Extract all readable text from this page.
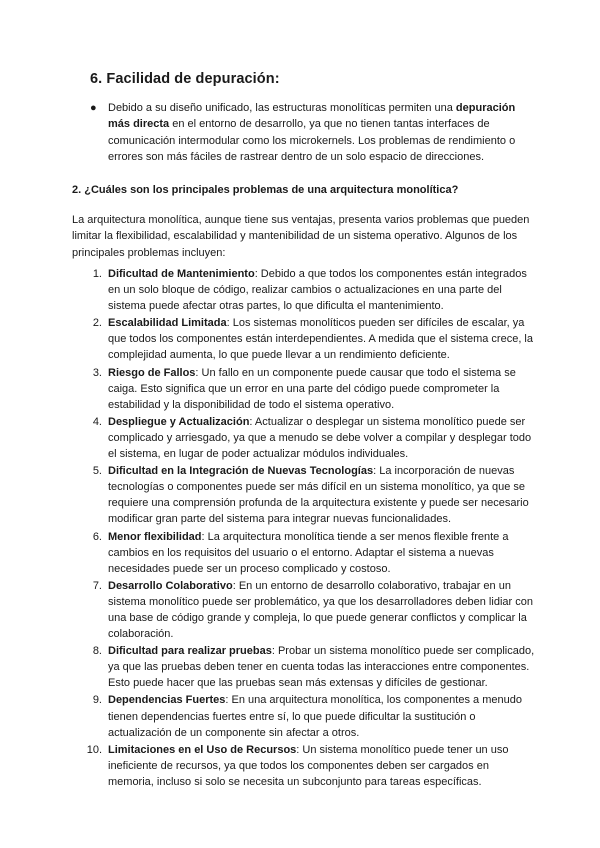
6. Facilidad de depuración:
● Debido a su diseño unificado, las estructuras monolíticas permiten una depuración más directa en el entorno de desarrollo, ya que no tienen tantas interfaces de comunicación intermodular como los microkernels. Los problemas de rendimiento o errores son más fáciles de rastrear dentro de un solo espacio de direcciones.
2. ¿Cuáles son los principales problemas de una arquitectura monolítica?

La arquitectura monolítica, aunque tiene sus ventajas, presenta varios problemas que pueden limitar la flexibilidad, escalabilidad y mantenibilidad de un sistema operativo. Algunos de los principales problemas incluyen:

1. Dificultad de Mantenimiento: Debido a que todos los componentes están integrados en un solo bloque de código, realizar cambios o actualizaciones en una parte del sistema puede afectar otras partes, lo que dificulta el mantenimiento.
2. Escalabilidad Limitada: Los sistemas monolíticos pueden ser difíciles de escalar, ya que todos los componentes están interdependientes. A medida que el sistema crece, la complejidad aumenta, lo que puede llevar a un rendimiento deficiente.
3. Riesgo de Fallos: Un fallo en un componente puede causar que todo el sistema se caiga. Esto significa que un error en una parte del código puede comprometer la estabilidad y la disponibilidad de todo el sistema operativo.
4. Despliegue y Actualización: Actualizar o desplegar un sistema monolítico puede ser complicado y arriesgado, ya que a menudo se debe volver a compilar y desplegar todo el sistema, en lugar de poder actualizar módulos individuales.
5. Dificultad en la Integración de Nuevas Tecnologías: La incorporación de nuevas tecnologías o componentes puede ser más difícil en un sistema monolítico, ya que se requiere una comprensión profunda de la arquitectura existente y puede ser necesario modificar gran parte del sistema para integrar nuevas funcionalidades.
6. Menor flexibilidad: La arquitectura monolítica tiende a ser menos flexible frente a cambios en los requisitos del usuario o el entorno. Adaptar el sistema a nuevas necesidades puede ser un proceso complicado y costoso.
7. Desarrollo Colaborativo: En un entorno de desarrollo colaborativo, trabajar en un sistema monolítico puede ser problemático, ya que los desarrolladores deben lidiar con una base de código grande y compleja, lo que puede generar conflictos y complicar la colaboración.
8. Dificultad para realizar pruebas: Probar un sistema monolítico puede ser complicado, ya que las pruebas deben tener en cuenta todas las interacciones entre componentes. Esto puede hacer que las pruebas sean más extensas y difíciles de gestionar.
9. Dependencias Fuertes: En una arquitectura monolítica, los componentes a menudo tienen dependencias fuertes entre sí, lo que puede dificultar la sustitución o actualización de un componente sin afectar a otros.
10. Limitaciones en el Uso de Recursos: Un sistema monolítico puede tener un uso ineficiente de recursos, ya que todos los componentes deben ser cargados en memoria, incluso si solo se necesita un subconjunto para tareas específicas.
